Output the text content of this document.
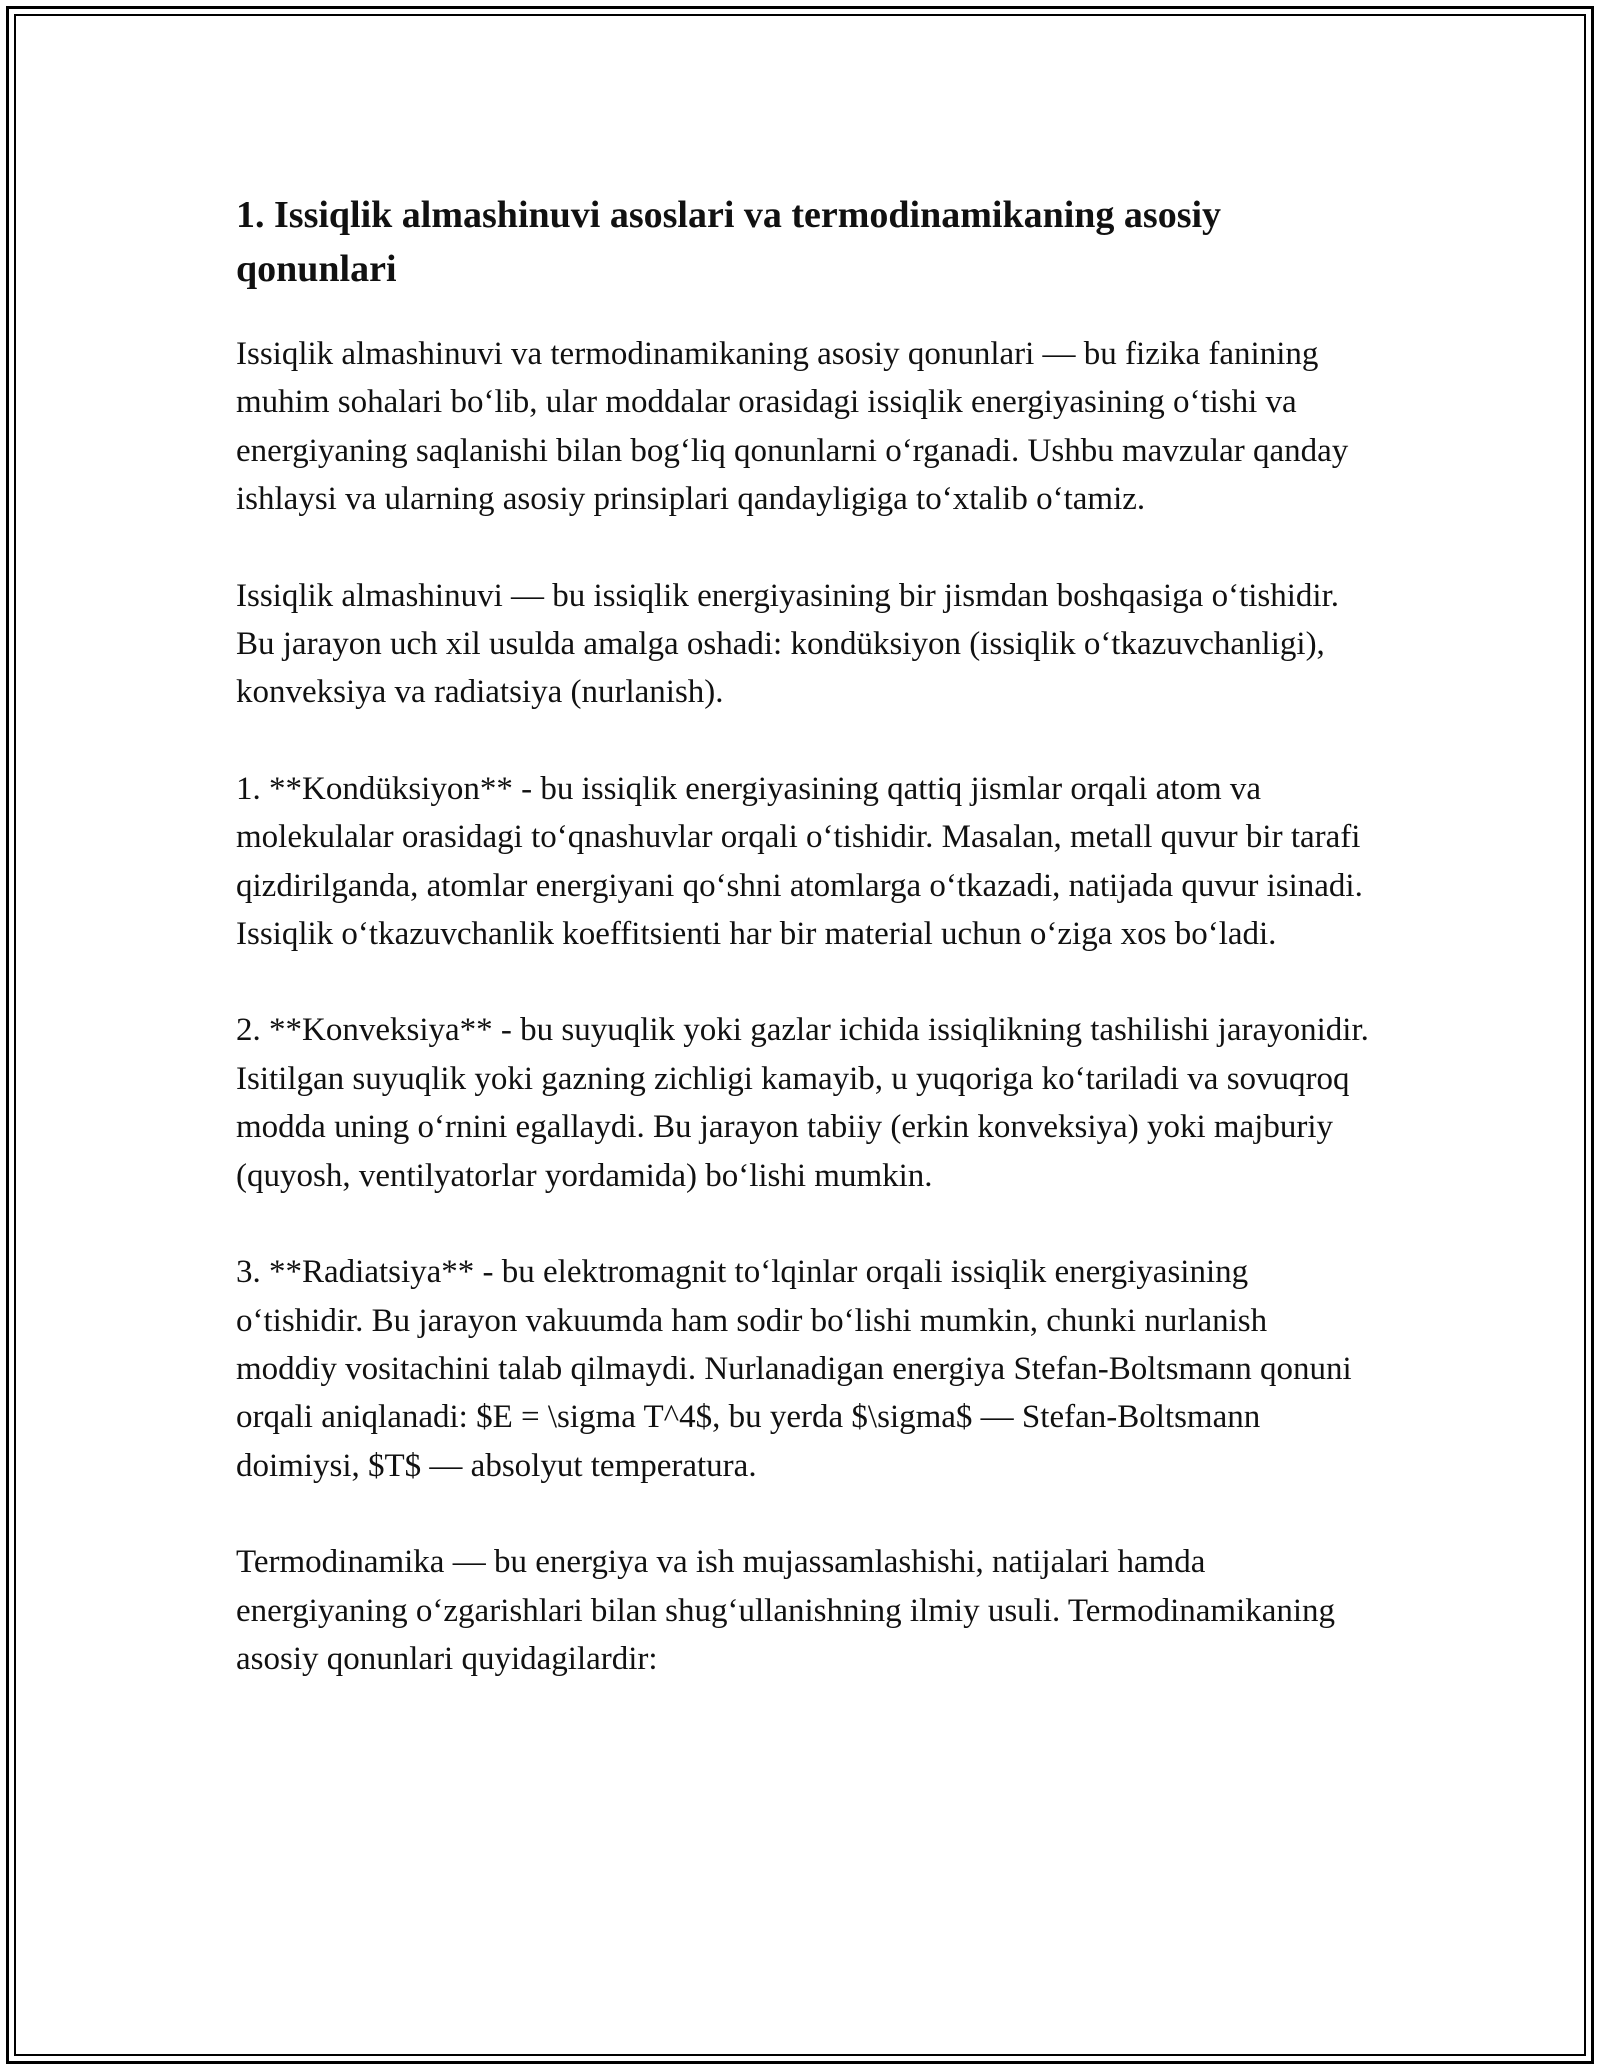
1. Issiqlik almashinuvi asoslari va termodinamikaning asosiy qonunlari

Issiqlik almashinuvi va termodinamikaning asosiy qonunlari — bu fizika fanining muhim sohalari bo‘lib, ular moddalar orasidagi issiqlik energiyasining o‘tishi va energiyaning saqlanishi bilan bog‘liq qonunlarni o‘rganadi. Ushbu mavzular qanday ishlaysi va ularning asosiy prinsiplari qandayligiga to‘xtalib o‘tamiz.

Issiqlik almashinuvi — bu issiqlik energiyasining bir jismdan boshqasiga o‘tishidir. Bu jarayon uch xil usulda amalga oshadi: kondüksiyon (issiqlik o‘tkazuvchanligi), konveksiya va radiatsiya (nurlanish).

1. **Kondüksiyon** - bu issiqlik energiyasining qattiq jismlar orqali atom va molekulalar orasidagi to‘qnashuvlar orqali o‘tishidir. Masalan, metall quvur bir tarafi qizdirilganda, atomlar energiyani qo‘shni atomlarga o‘tkazadi, natijada quvur isinadi. Issiqlik o‘tkazuvchanlik koeffitsienti har bir material uchun o‘ziga xos bo‘ladi.

2. **Konveksiya** - bu suyuqlik yoki gazlar ichida issiqlikning tashilishi jarayonidir. Isitilgan suyuqlik yoki gazning zichligi kamayib, u yuqoriga ko‘tariladi va sovuqroq modda uning o‘rnini egallaydi. Bu jarayon tabiiy (erkin konveksiya) yoki majburiy (quyosh, ventilyatorlar yordamida) bo‘lishi mumkin.

3. **Radiatsiya** - bu elektromagnit to‘lqinlar orqali issiqlik energiyasining o‘tishidir. Bu jarayon vakuumda ham sodir bo‘lishi mumkin, chunki nurlanish moddiy vositachini talab qilmaydi. Nurlanadigan energiya Stefan-Boltsmann qonuni orqali aniqlanadi: $E = \sigma T^4$, bu yerda $\sigma$ — Stefan-Boltsmann doimiysi, $T$ — absolyut temperatura.

Termodinamika — bu energiya va ish mujassamlashishi, natijalari hamda energiyaning o‘zgarishlari bilan shug‘ullanishning ilmiy usuli. Termodinamikaning asosiy qonunlari quyidagilardir:
